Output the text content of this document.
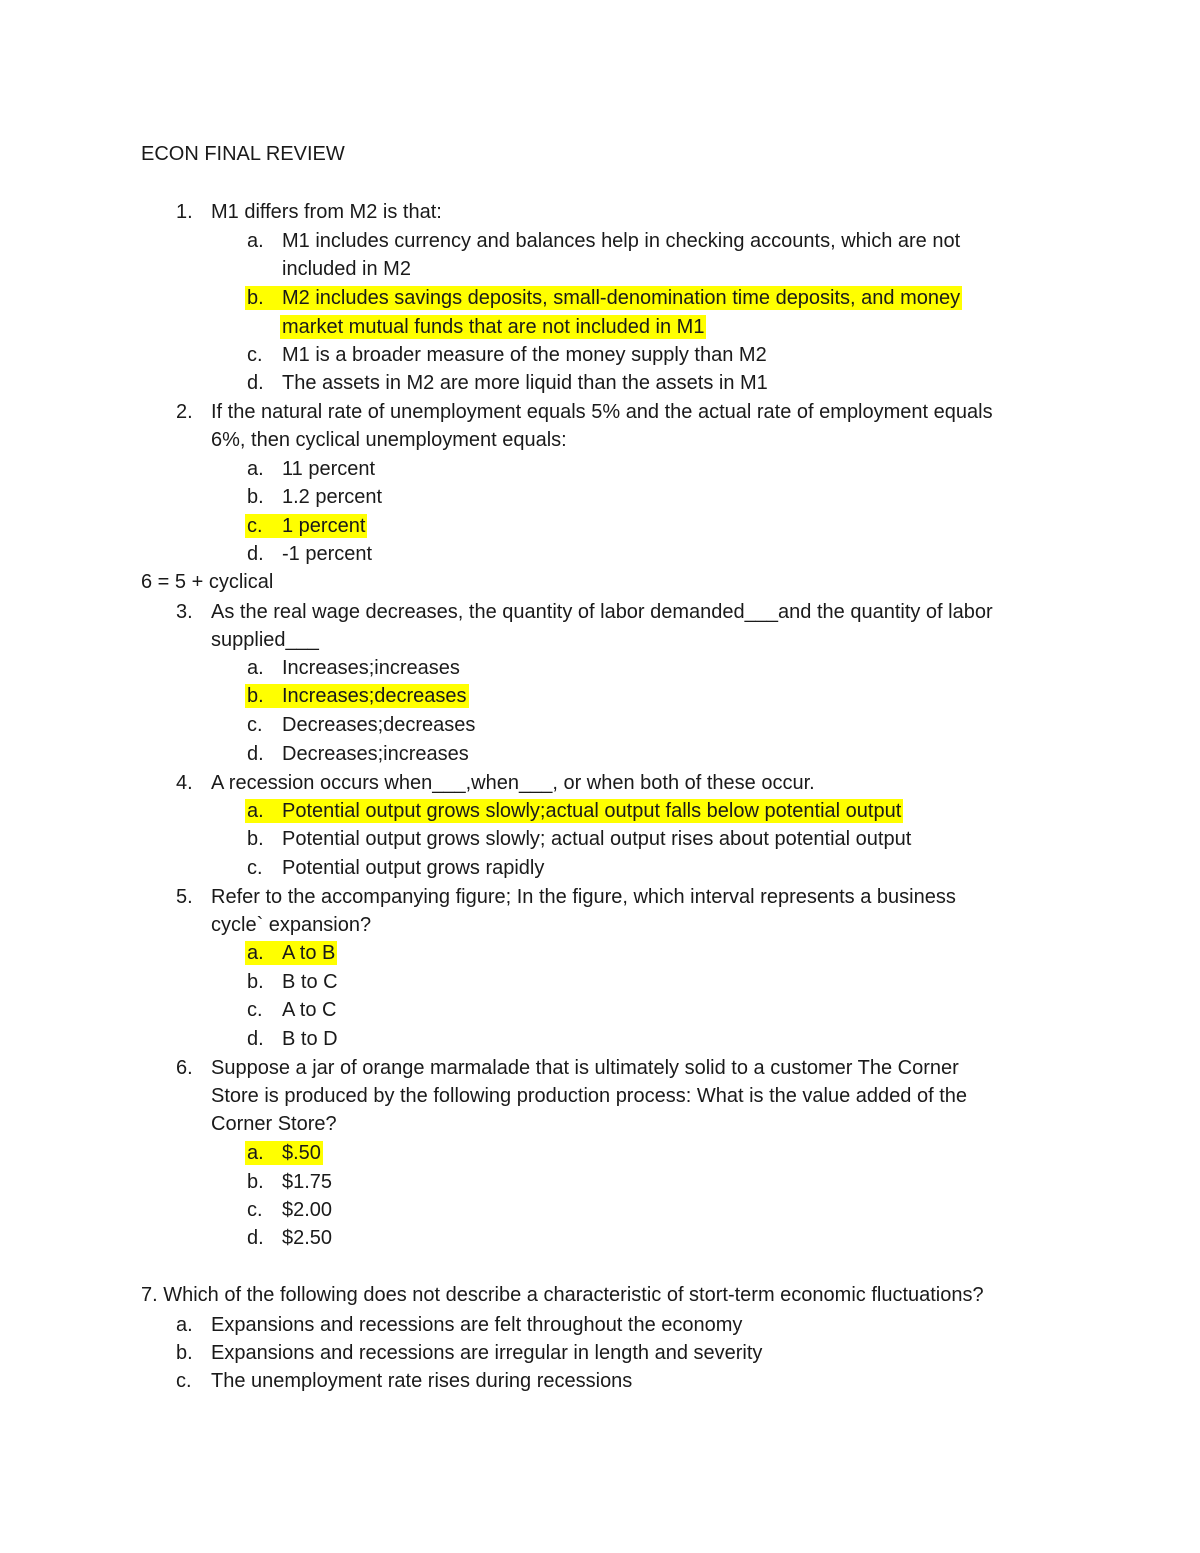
ECON FINAL REVIEW
1. M1 differs from M2 is that:
a. M1 includes currency and balances help in checking accounts, which are not
included in M2
b. M2 includes savings deposits, small-denomination time deposits, and money
market mutual funds that are not included in M1
c. M1 is a broader measure of the money supply than M2
d. The assets in M2 are more liquid than the assets in M1
2. If the natural rate of unemployment equals 5% and the actual rate of employment equals
6%, then cyclical unemployment equals:
a. 11 percent
b. 1.2 percent
c. 1 percent
d. -1 percent
6 = 5 + cyclical
3. As the real wage decreases, the quantity of labor demanded___and the quantity of labor
supplied___
a. Increases;increases
b. Increases;decreases
c. Decreases;decreases
d. Decreases;increases
4. A recession occurs when___,when___, or when both of these occur.
a. Potential output grows slowly;actual output falls below potential output
b. Potential output grows slowly; actual output rises about potential output
c. Potential output grows rapidly
5. Refer to the accompanying figure; In the figure, which interval represents a business
cycle` expansion?
a. A to B
b. B to C
c. A to C
d. B to D
6. Suppose a jar of orange marmalade that is ultimately solid to a customer The Corner
Store is produced by the following production process: What is the value added of the
Corner Store?
a. $.50
b. $1.75
c. $2.00
d. $2.50
7. Which of the following does not describe a characteristic of stort-term economic fluctuations?
a. Expansions and recessions are felt throughout the economy
b. Expansions and recessions are irregular in length and severity
c. The unemployment rate rises during recessions
